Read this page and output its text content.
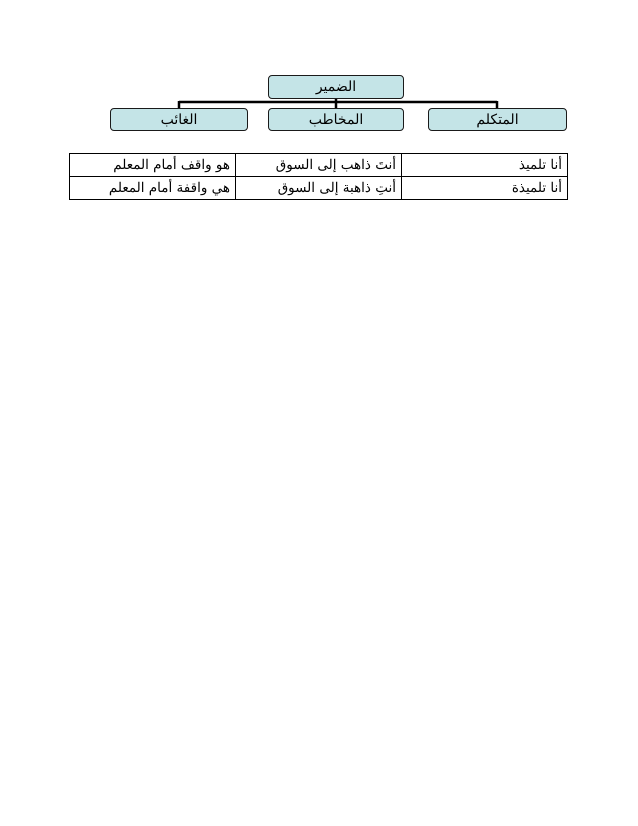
الضمير
المتكلم
المخاطب
الغائب
أنا تلميذ	أنتَ ذاهب إلى السوق	هو واقف أمام المعلم
أنا تلميذة	أنتِ ذاهبة إلى السوق	هي واقفة أمام المعلم
